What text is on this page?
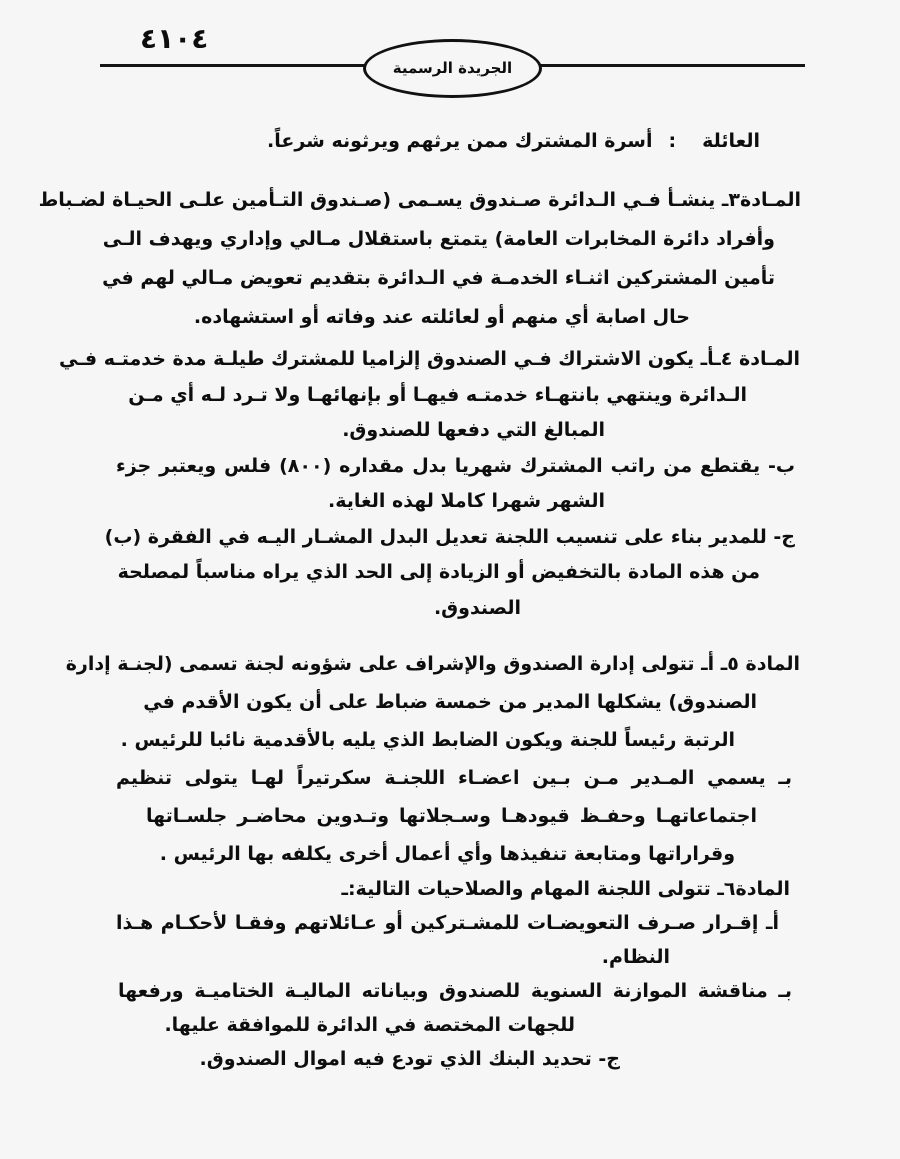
٤١٠٤
الجريدة الرسمية
العائلة:أسرة المشترك ممن يرثهم ويرثونه شرعاً.
المـادة٣ـ ينشـأ فـي الـدائرة صـندوق يسـمى (صـندوق التـأمين علـى الحيـاة لضـباط
وأفراد دائرة المخابرات العامة) يتمتع باستقلال مـالي وإداري ويهدف الـى
تأمين المشتركين اثنـاء الخدمـة في الـدائرة بتقديم تعويض مـالي لهم في
حال اصابة أي منهم أو لعائلته عند وفاته أو استشهاده.
المـادة ٤ـأـ يكون الاشتراك فـي الصندوق إلزاميا للمشترك طيلـة مدة خدمتـه فـي
الـدائرة وينتهي بانتهـاء خدمتـه فيهـا أو بإنهائهـا ولا تـرد لـه أي مـن
المبالغ التي دفعها للصندوق.
ب- يقتطع من راتب المشترك شهريا بدل مقداره (٨٠٠) فلس ويعتبر جزء
الشهر شهرا كاملا لهذه الغاية.
ج- للمدير بناء على تنسيب اللجنة تعديل البدل المشـار اليـه في الفقرة (ب)
من هذه المادة بالتخفيض أو الزيادة إلى الحد الذي يراه مناسباً لمصلحة
الصندوق.
المادة ٥ـ أـ تتولى إدارة الصندوق والإشراف على شؤونه لجنة تسمى (لجنـة إدارة
الصندوق) يشكلها المدير من خمسة ضباط على أن يكون الأقدم في
الرتبة رئيساً للجنة ويكون الضابط الذي يليه بالأقدمية نائبا للرئيس .
بـ يسمي المـدير مـن بـين اعضـاء اللجنـة سكرتيراً لهـا يتولى تنظيم
اجتماعاتهـا وحفـظ قيودهـا وسـجلاتها وتـدوين محاضـر جلسـاتها
وقراراتها ومتابعة تنفيذها وأي أعمال أخرى يكلفه بها الرئيس .
المادة٦ـ تتولى اللجنة المهام والصلاحيات التالية:ـ
أـ إقـرار صـرف التعويضـات للمشـتركين أو عـائلاتهم وفقـا لأحكـام هـذا
النظام.
بـ مناقشة الموازنة السنوية للصندوق وبياناته الماليـة الختاميـة ورفعها
للجهات المختصة في الدائرة للموافقة عليها.
ج- تحديد البنك الذي تودع فيه اموال الصندوق.
